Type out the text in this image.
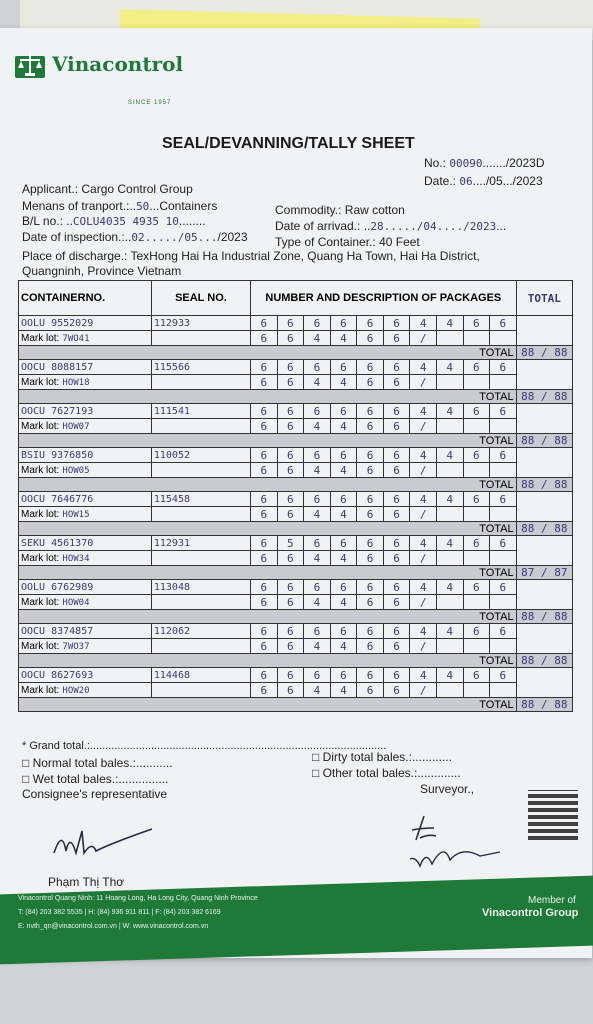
Vinacontrol
SINCE 1957
SEAL/DEVANNING/TALLY SHEET
No.: 00090......./2023D
Date.: 06..../05.../2023
Applicant.: Cargo Control Group
Menans of tranport.:..50...Containers
B/L no.: ..COLU4035 4935 10........
Date of inspection.:..02...../05.../2023
Commodity.: Raw cotton
Date of arrivad.: ..28...../04..../2023...
Type of Container.: 40 Feet
Place of discharge.: TexHong Hai Ha Industrial Zone, Quang Ha Town, Hai Ha District,
Quangninh, Province Vietnam
CONTAINERNO.	SEAL NO.	NUMBER AND DESCRIPTION OF PACKAGES										TOTAL
OOLU 9552029	112933	6	6	6	6	6	6	4	4	6	6	
Mark lot: 7WO41		6	6	4	4	6	6	/				
TOTAL												88 / 88
OOCU 8088157	115566	6	6	6	6	6	6	4	4	6	6	
Mark lot: HOW18		6	6	4	4	6	6	/				
TOTAL												88 / 88
OOCU 7627193	111541	6	6	6	6	6	6	4	4	6	6	
Mark lot: HOW07		6	6	4	4	6	6	/				
TOTAL												88 / 88
BSIU 9376850	110052	6	6	6	6	6	6	4	4	6	6	
Mark lot: HOW05		6	6	4	4	6	6	/				
TOTAL												88 / 88
OOCU 7646776	115458	6	6	6	6	6	6	4	4	6	6	
Mark lot: HOW15		6	6	4	4	6	6	/				
TOTAL												88 / 88
SEKU 4561370	112931	6	5	6	6	6	6	4	4	6	6	
Mark lot: HOW34		6	6	4	4	6	6	/				
TOTAL												87 / 87
OOLU 6762989	113048	6	6	6	6	6	6	4	4	6	6	
Mark lot: HOW04		6	6	4	4	6	6	/				
TOTAL												88 / 88
OOCU 8374857	112062	6	6	6	6	6	6	4	4	6	6	
Mark lot: 7WO37		6	6	4	4	6	6	/				
TOTAL												88 / 88
OOCU 8627693	114468	6	6	6	6	6	6	4	4	6	6	
Mark lot: HOW20		6	6	4	4	6	6	/				
TOTAL												88 / 88
* Grand total.:.................................................................................................
□ Normal total bales.:...........
□ Wet total bales.:...............
□ Dirty total bales.:............
□ Other total bales.:.............
Consignee's representative	Surveyor.,
Phạm Thị Thơ
Vinacontrol Quang Ninh: 11 Hoang Long, Ha Long City, Quang Ninh Province
T: (84) 203 382 5535 | H: (84) 936 911 811 | F: (84) 203 382 6169
E: nvth_qn@vinacontrol.com.vn | W: www.vinacontrol.com.vn
Member of
Vinacontrol Group
